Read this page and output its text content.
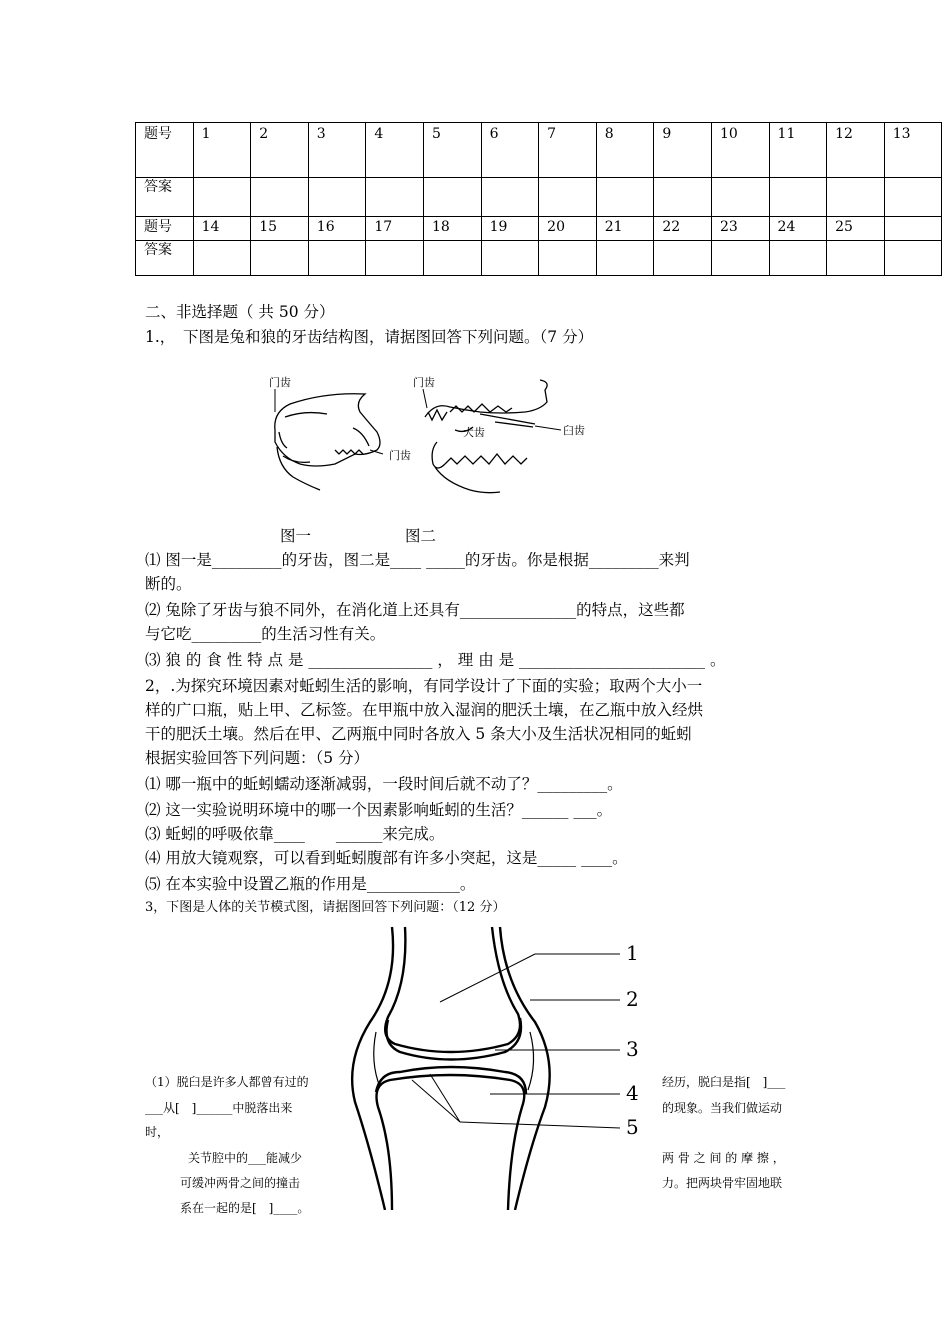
题号	1	2	3	4	5	6	7	8	9	10	11	12	13
答案													
题号	14	15	16	17	18	19	20	21	22	23	24	25	
答案													
二、非选择题（ 共 50 分）
1.，　下图是兔和狼的牙齿结构图，请据图回答下列问题。（7 分）
门齿	门齿
门齿
犬齿	臼齿
图一	图二
⑴ 图一是_________的牙齿，图二是____ _____的牙齿。你是根据_________来判
断的。
⑵ 兔除了牙齿与狼不同外，在消化道上还具有_______________的特点，这些都
与它吃_________的生活习性有关。
⑶ 狼 的 食 性 特 点 是 ________________ ， 理 由 是 ________________________ 。
2，.为探究环境因素对蚯蚓生活的影响，有同学设计了下面的实验；取两个大小一
样的广口瓶，贴上甲、乙标签。在甲瓶中放入湿润的肥沃土壤，在乙瓶中放入经烘
干的肥沃土壤。然后在甲、乙两瓶中同时各放入 5 条大小及生活状况相同的蚯蚓
根据实验回答下列问题：（5 分）
⑴ 哪一瓶中的蚯蚓蠕动逐渐减弱，一段时间后就不动了？_________。
⑵ 这一实验说明环境中的哪一个因素影响蚯蚓的生活？______ ___。
⑶ 蚯蚓的呼吸依靠____　　______来完成。
⑷ 用放大镜观察，可以看到蚯蚓腹部有许多小突起，这是_____ ____。
⑸ 在本实验中设置乙瓶的作用是____________。
3，下图是人体的关节模式图，请据图回答下列问题：（12 分）
1
2
3
4
5
（1）脱臼是许多人都曾有过的
___从[　]______中脱落出来
时，
关节腔中的___能减少
可缓冲两骨之间的撞击
系在一起的是[　]____。
经历，脱臼是指[　]___
的现象。当我们做运动
两 骨 之 间 的 摩 擦 ，
力。把两块骨牢固地联
